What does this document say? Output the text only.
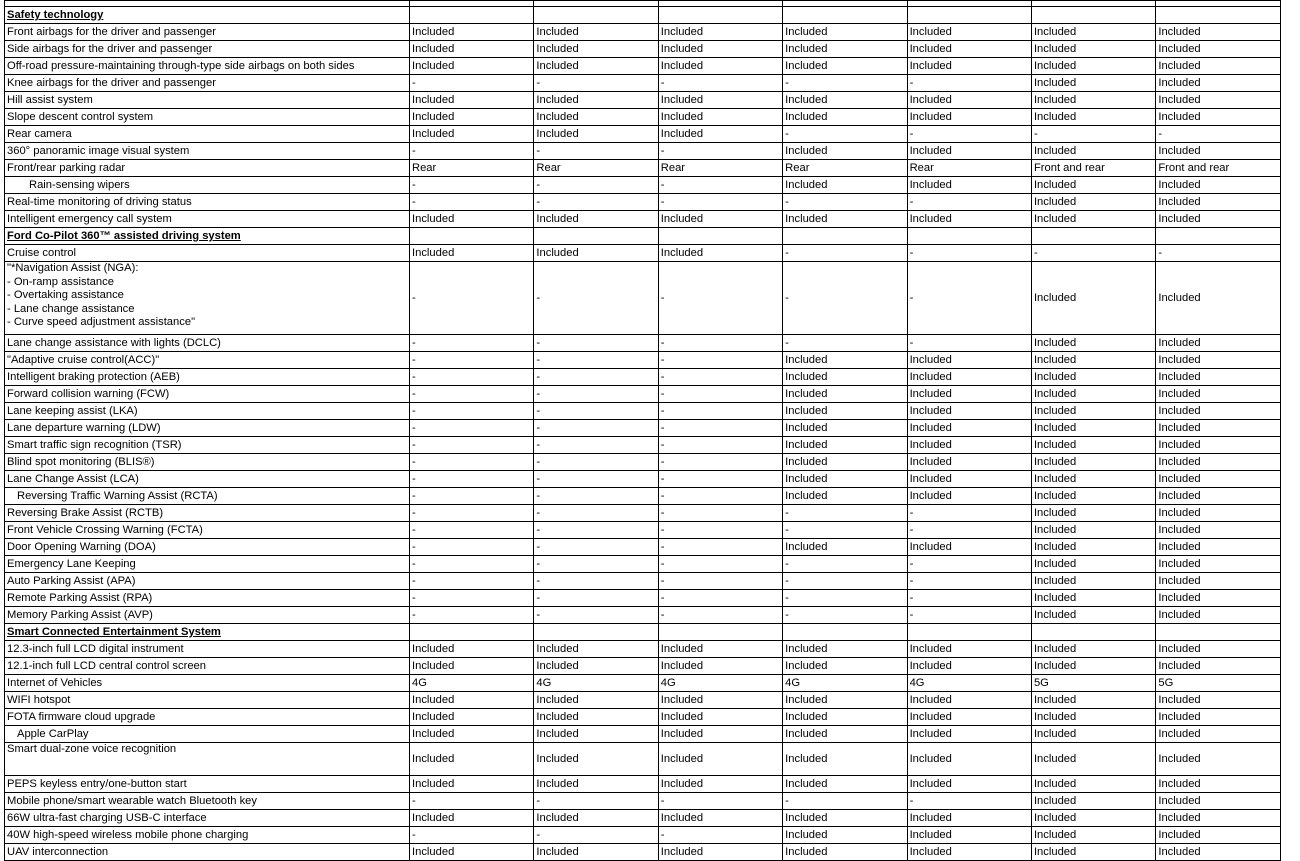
Safety technology							
Front airbags for the driver and passenger	Included	Included	Included	Included	Included	Included	Included
Side airbags for the driver and passenger	Included	Included	Included	Included	Included	Included	Included
Off-road pressure-maintaining through-type side airbags on both sides	Included	Included	Included	Included	Included	Included	Included
Knee airbags for the driver and passenger	-	-	-	-	-	Included	Included
Hill assist system	Included	Included	Included	Included	Included	Included	Included
Slope descent control system	Included	Included	Included	Included	Included	Included	Included
Rear camera	Included	Included	Included	-	-	-	-
360° panoramic image visual system	-	-	-	Included	Included	Included	Included
Front/rear parking radar	Rear	Rear	Rear	Rear	Rear	Front and rear	Front and rear
Rain-sensing wipers	-	-	-	Included	Included	Included	Included
Real-time monitoring of driving status	-	-	-	-	-	Included	Included
Intelligent emergency call system	Included	Included	Included	Included	Included	Included	Included
Ford Co-Pilot 360™ assisted driving system							
Cruise control	Included	Included	Included	-	-	-	-
"*Navigation Assist (NGA):
- On-ramp assistance
- Overtaking assistance
- Lane change assistance
- Curve speed adjustment assistance"	-	-	-	-	-	Included	Included
Lane change assistance with lights (DCLC)	-	-	-	-	-	Included	Included
"Adaptive cruise control(ACC)"	-	-	-	Included	Included	Included	Included
Intelligent braking protection (AEB)	-	-	-	Included	Included	Included	Included
Forward collision warning (FCW)	-	-	-	Included	Included	Included	Included
Lane keeping assist (LKA)	-	-	-	Included	Included	Included	Included
Lane departure warning (LDW)	-	-	-	Included	Included	Included	Included
Smart traffic sign recognition (TSR)	-	-	-	Included	Included	Included	Included
Blind spot monitoring (BLIS®)	-	-	-	Included	Included	Included	Included
Lane Change Assist (LCA)	-	-	-	Included	Included	Included	Included
Reversing Traffic Warning Assist (RCTA)	-	-	-	Included	Included	Included	Included
Reversing Brake Assist (RCTB)	-	-	-	-	-	Included	Included
Front Vehicle Crossing Warning (FCTA)	-	-	-	-	-	Included	Included
Door Opening Warning (DOA)	-	-	-	Included	Included	Included	Included
Emergency Lane Keeping	-	-	-	-	-	Included	Included
Auto Parking Assist (APA)	-	-	-	-	-	Included	Included
Remote Parking Assist (RPA)	-	-	-	-	-	Included	Included
Memory Parking Assist (AVP)	-	-	-	-	-	Included	Included
Smart Connected Entertainment System							
12.3-inch full LCD digital instrument	Included	Included	Included	Included	Included	Included	Included
12.1-inch full LCD central control screen	Included	Included	Included	Included	Included	Included	Included
Internet of Vehicles	4G	4G	4G	4G	4G	5G	5G
WIFI hotspot	Included	Included	Included	Included	Included	Included	Included
FOTA firmware cloud upgrade	Included	Included	Included	Included	Included	Included	Included
Apple CarPlay	Included	Included	Included	Included	Included	Included	Included
Smart dual-zone voice recognition	Included	Included	Included	Included	Included	Included	Included
PEPS keyless entry/one-button start	Included	Included	Included	Included	Included	Included	Included
Mobile phone/smart wearable watch Bluetooth key	-	-	-	-	-	Included	Included
66W ultra-fast charging USB-C interface	Included	Included	Included	Included	Included	Included	Included
40W high-speed wireless mobile phone charging	-	-	-	Included	Included	Included	Included
UAV interconnection	Included	Included	Included	Included	Included	Included	Included
